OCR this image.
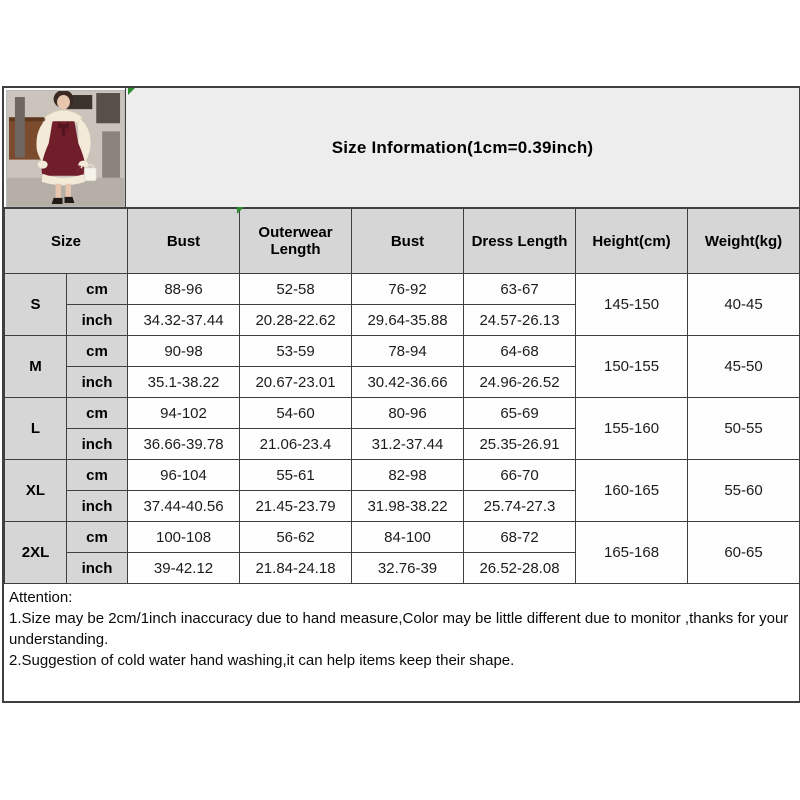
Size Information(1cm=0.39inch)
Size		Bust	Outerwear Length	Bust	Dress Length	Height(cm)	Weight(kg)
S	cm	88-96	52-58	76-92	63-67	145-150	40-45
	inch	34.32-37.44	20.28-22.62	29.64-35.88	24.57-26.13		
M	cm	90-98	53-59	78-94	64-68	150-155	45-50
	inch	35.1-38.22	20.67-23.01	30.42-36.66	24.96-26.52		
L	cm	94-102	54-60	80-96	65-69	155-160	50-55
	inch	36.66-39.78	21.06-23.4	31.2-37.44	25.35-26.91		
XL	cm	96-104	55-61	82-98	66-70	160-165	55-60
	inch	37.44-40.56	21.45-23.79	31.98-38.22	25.74-27.3		
2XL	cm	100-108	56-62	84-100	68-72	165-168	60-65
	inch	39-42.12	21.84-24.18	32.76-39	26.52-28.08		

Attention:

1.Size may be 2cm/1inch inaccuracy due to hand measure,Color may be little different due to monitor ,thanks for your understanding.

2.Suggestion of cold water hand washing,it can help items keep their shape.
